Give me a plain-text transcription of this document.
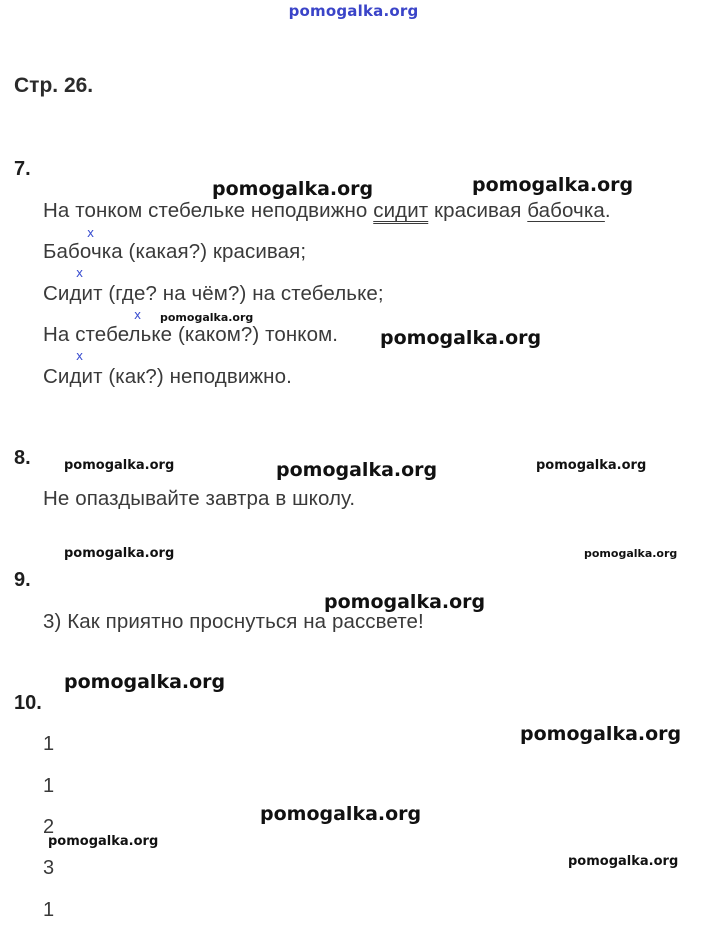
pomogalka.org
Стр. 26.
7.
На тонком стебельке неподвижно сидит красивая бабочка.
x
Бабочка (какая?) красивая;
x
Сидит (где? на чём?) на стебельке;
x
На стебельке (каком?) тонком.
x
Сидит (как?) неподвижно.
8.
Не опаздывайте завтра в школу.
9.
3) Как приятно проснуться на рассвете!
10.
1
1
2
3
1
pomogalka.org	pomogalka.org
pomogalka.org
pomogalka.org
pomogalka.org	pomogalka.org	pomogalka.org
pomogalka.org	pomogalka.org
pomogalka.org
pomogalka.org
pomogalka.org
pomogalka.org
pomogalka.org
pomogalka.org
